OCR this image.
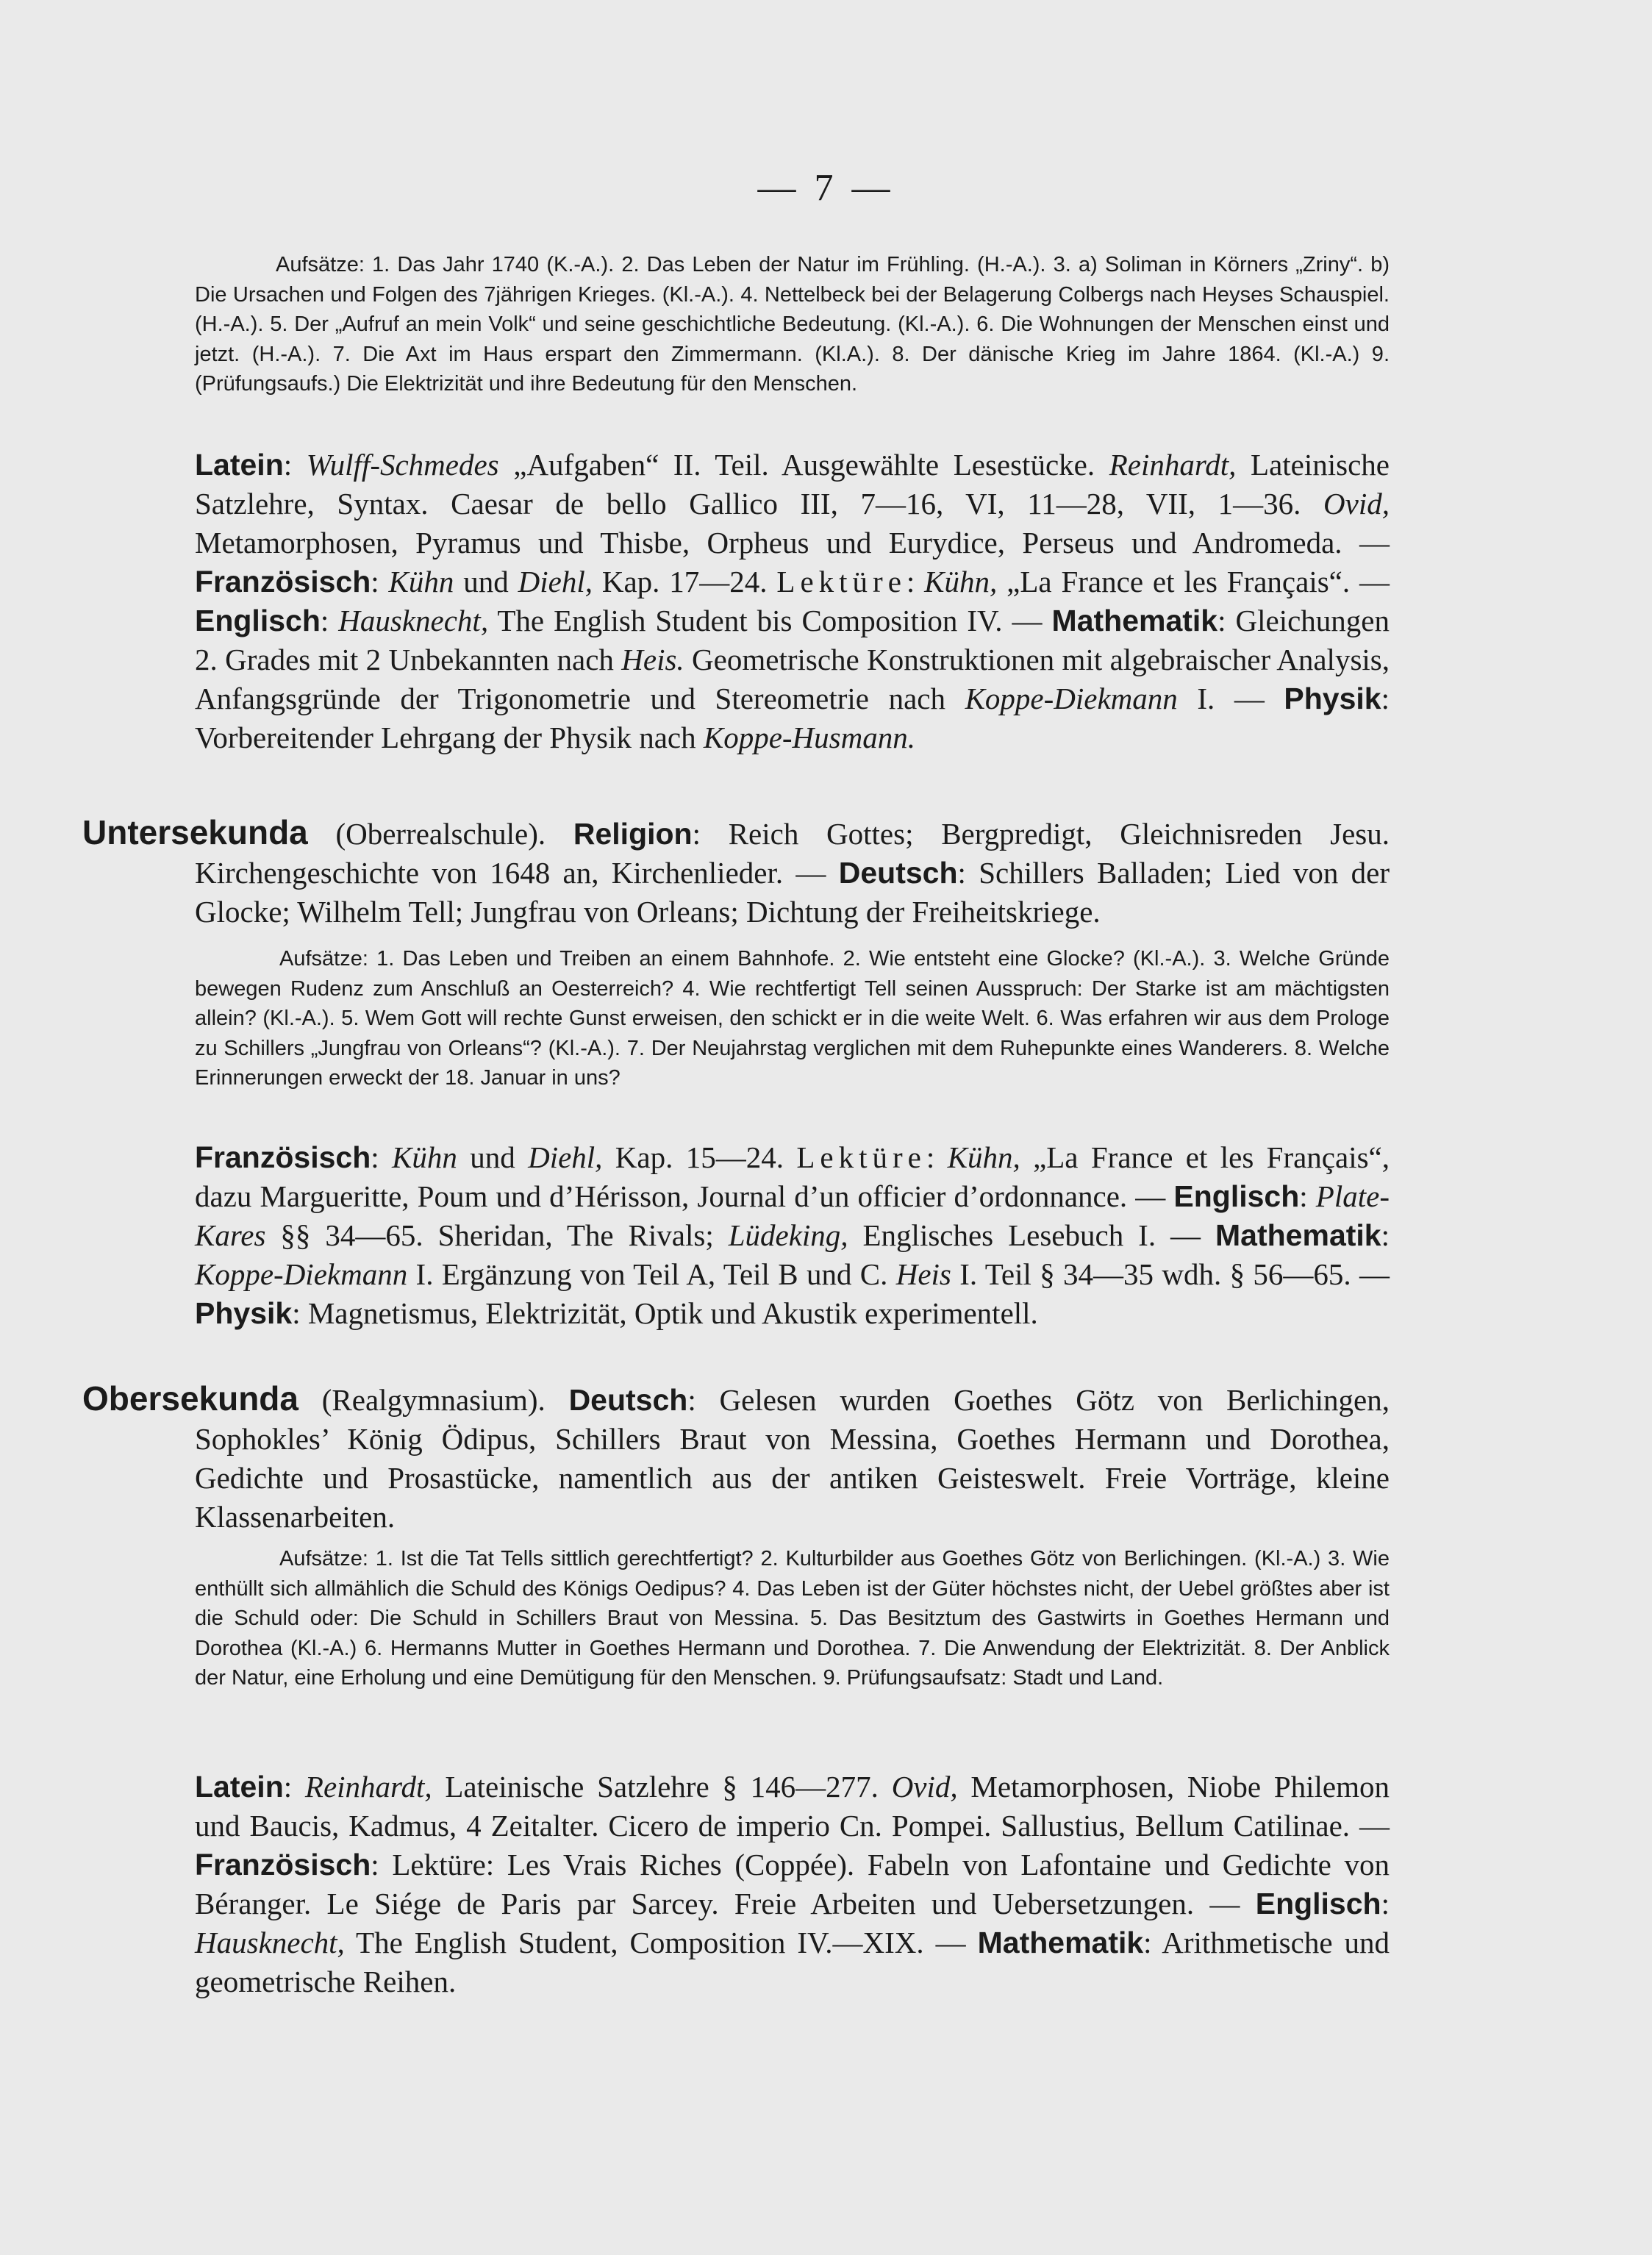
— 7 —

Aufsätze: 1. Das Jahr 1740 (K.-A.). 2. Das Leben der Natur im Frühling. (H.-A.). 3. a) Soliman in Körners „Zriny“. b) Die Ursachen und Folgen des 7jährigen Krieges. (Kl.-A.). 4. Nettelbeck bei der Belagerung Colbergs nach Heyses Schauspiel. (H.-A.). 5. Der „Aufruf an mein Volk“ und seine geschichtliche Bedeutung. (Kl.-A.). 6. Die Wohnungen der Menschen einst und jetzt. (H.-A.). 7. Die Axt im Haus erspart den Zimmermann. (Kl.A.). 8. Der dänische Krieg im Jahre 1864. (Kl.-A.) 9. (Prüfungsaufs.) Die Elektrizität und ihre Bedeutung für den Menschen.

Latein: Wulff-Schmedes „Aufgaben“ II. Teil. Ausgewählte Lesestücke. Reinhardt, Lateinische Satzlehre, Syntax. Caesar de bello Gallico III, 7—16, VI, 11—28, VII, 1—36. Ovid, Metamorphosen, Pyramus und Thisbe, Orpheus und Eurydice, Perseus und Andromeda. — Französisch: Kühn und Diehl, Kap. 17—24. Lektüre: Kühn, „La France et les Français“. — Englisch: Hausknecht, The English Student bis Composition IV. — Mathematik: Gleichungen 2. Grades mit 2 Unbekannten nach Heis. Geometrische Konstruktionen mit algebraischer Analysis, Anfangsgründe der Trigonometrie und Stereometrie nach Koppe-Diekmann I. — Physik: Vorbereitender Lehrgang der Physik nach Koppe-Husmann.

Untersekunda (Oberrealschule). Religion: Reich Gottes; Bergpredigt, Gleichnisreden Jesu. Kirchengeschichte von 1648 an, Kirchenlieder. — Deutsch: Schillers Balladen; Lied von der Glocke; Wilhelm Tell; Jungfrau von Orleans; Dichtung der Freiheitskriege.

Aufsätze: 1. Das Leben und Treiben an einem Bahnhofe. 2. Wie entsteht eine Glocke? (Kl.-A.). 3. Welche Gründe bewegen Rudenz zum Anschluß an Oesterreich? 4. Wie rechtfertigt Tell seinen Ausspruch: Der Starke ist am mächtigsten allein? (Kl.-A.). 5. Wem Gott will rechte Gunst erweisen, den schickt er in die weite Welt. 6. Was erfahren wir aus dem Prologe zu Schillers „Jungfrau von Orleans“? (Kl.-A.). 7. Der Neujahrstag verglichen mit dem Ruhepunkte eines Wanderers. 8. Welche Erinnerungen erweckt der 18. Januar in uns?

Französisch: Kühn und Diehl, Kap. 15—24. Lektüre: Kühn, „La France et les Français“, dazu Margueritte, Poum und d’Hérisson, Journal d’un officier d’ordonnance. — Englisch: Plate-Kares §§ 34—65. Sheridan, The Rivals; Lüdeking, Englisches Lesebuch I. — Mathematik: Koppe-Diekmann I. Ergänzung von Teil A, Teil B und C. Heis I. Teil § 34—35 wdh. § 56—65. — Physik: Magnetismus, Elektrizität, Optik und Akustik experimentell.

Obersekunda (Realgymnasium). Deutsch: Gelesen wurden Goethes Götz von Berlichingen, Sophokles’ König Ödipus, Schillers Braut von Messina, Goethes Hermann und Dorothea, Gedichte und Prosastücke, namentlich aus der antiken Geisteswelt. Freie Vorträge, kleine Klassenarbeiten.

Aufsätze: 1. Ist die Tat Tells sittlich gerechtfertigt? 2. Kulturbilder aus Goethes Götz von Berlichingen. (Kl.-A.) 3. Wie enthüllt sich allmählich die Schuld des Königs Oedipus? 4. Das Leben ist der Güter höchstes nicht, der Uebel größtes aber ist die Schuld oder: Die Schuld in Schillers Braut von Messina. 5. Das Besitztum des Gastwirts in Goethes Hermann und Dorothea (Kl.-A.) 6. Hermanns Mutter in Goethes Hermann und Dorothea. 7. Die Anwendung der Elektrizität. 8. Der Anblick der Natur, eine Erholung und eine Demütigung für den Menschen. 9. Prüfungsaufsatz: Stadt und Land.

Latein: Reinhardt, Lateinische Satzlehre § 146—277. Ovid, Metamorphosen, Niobe Philemon und Baucis, Kadmus, 4 Zeitalter. Cicero de imperio Cn. Pompei. Sallustius, Bellum Catilinae. — Französisch: Lektüre: Les Vrais Riches (Coppée). Fabeln von Lafontaine und Gedichte von Béranger. Le Siége de Paris par Sarcey. Freie Arbeiten und Uebersetzungen. — Englisch: Hausknecht, The English Student, Composition IV.—XIX. — Mathematik: Arithmetische und geometrische Reihen.
